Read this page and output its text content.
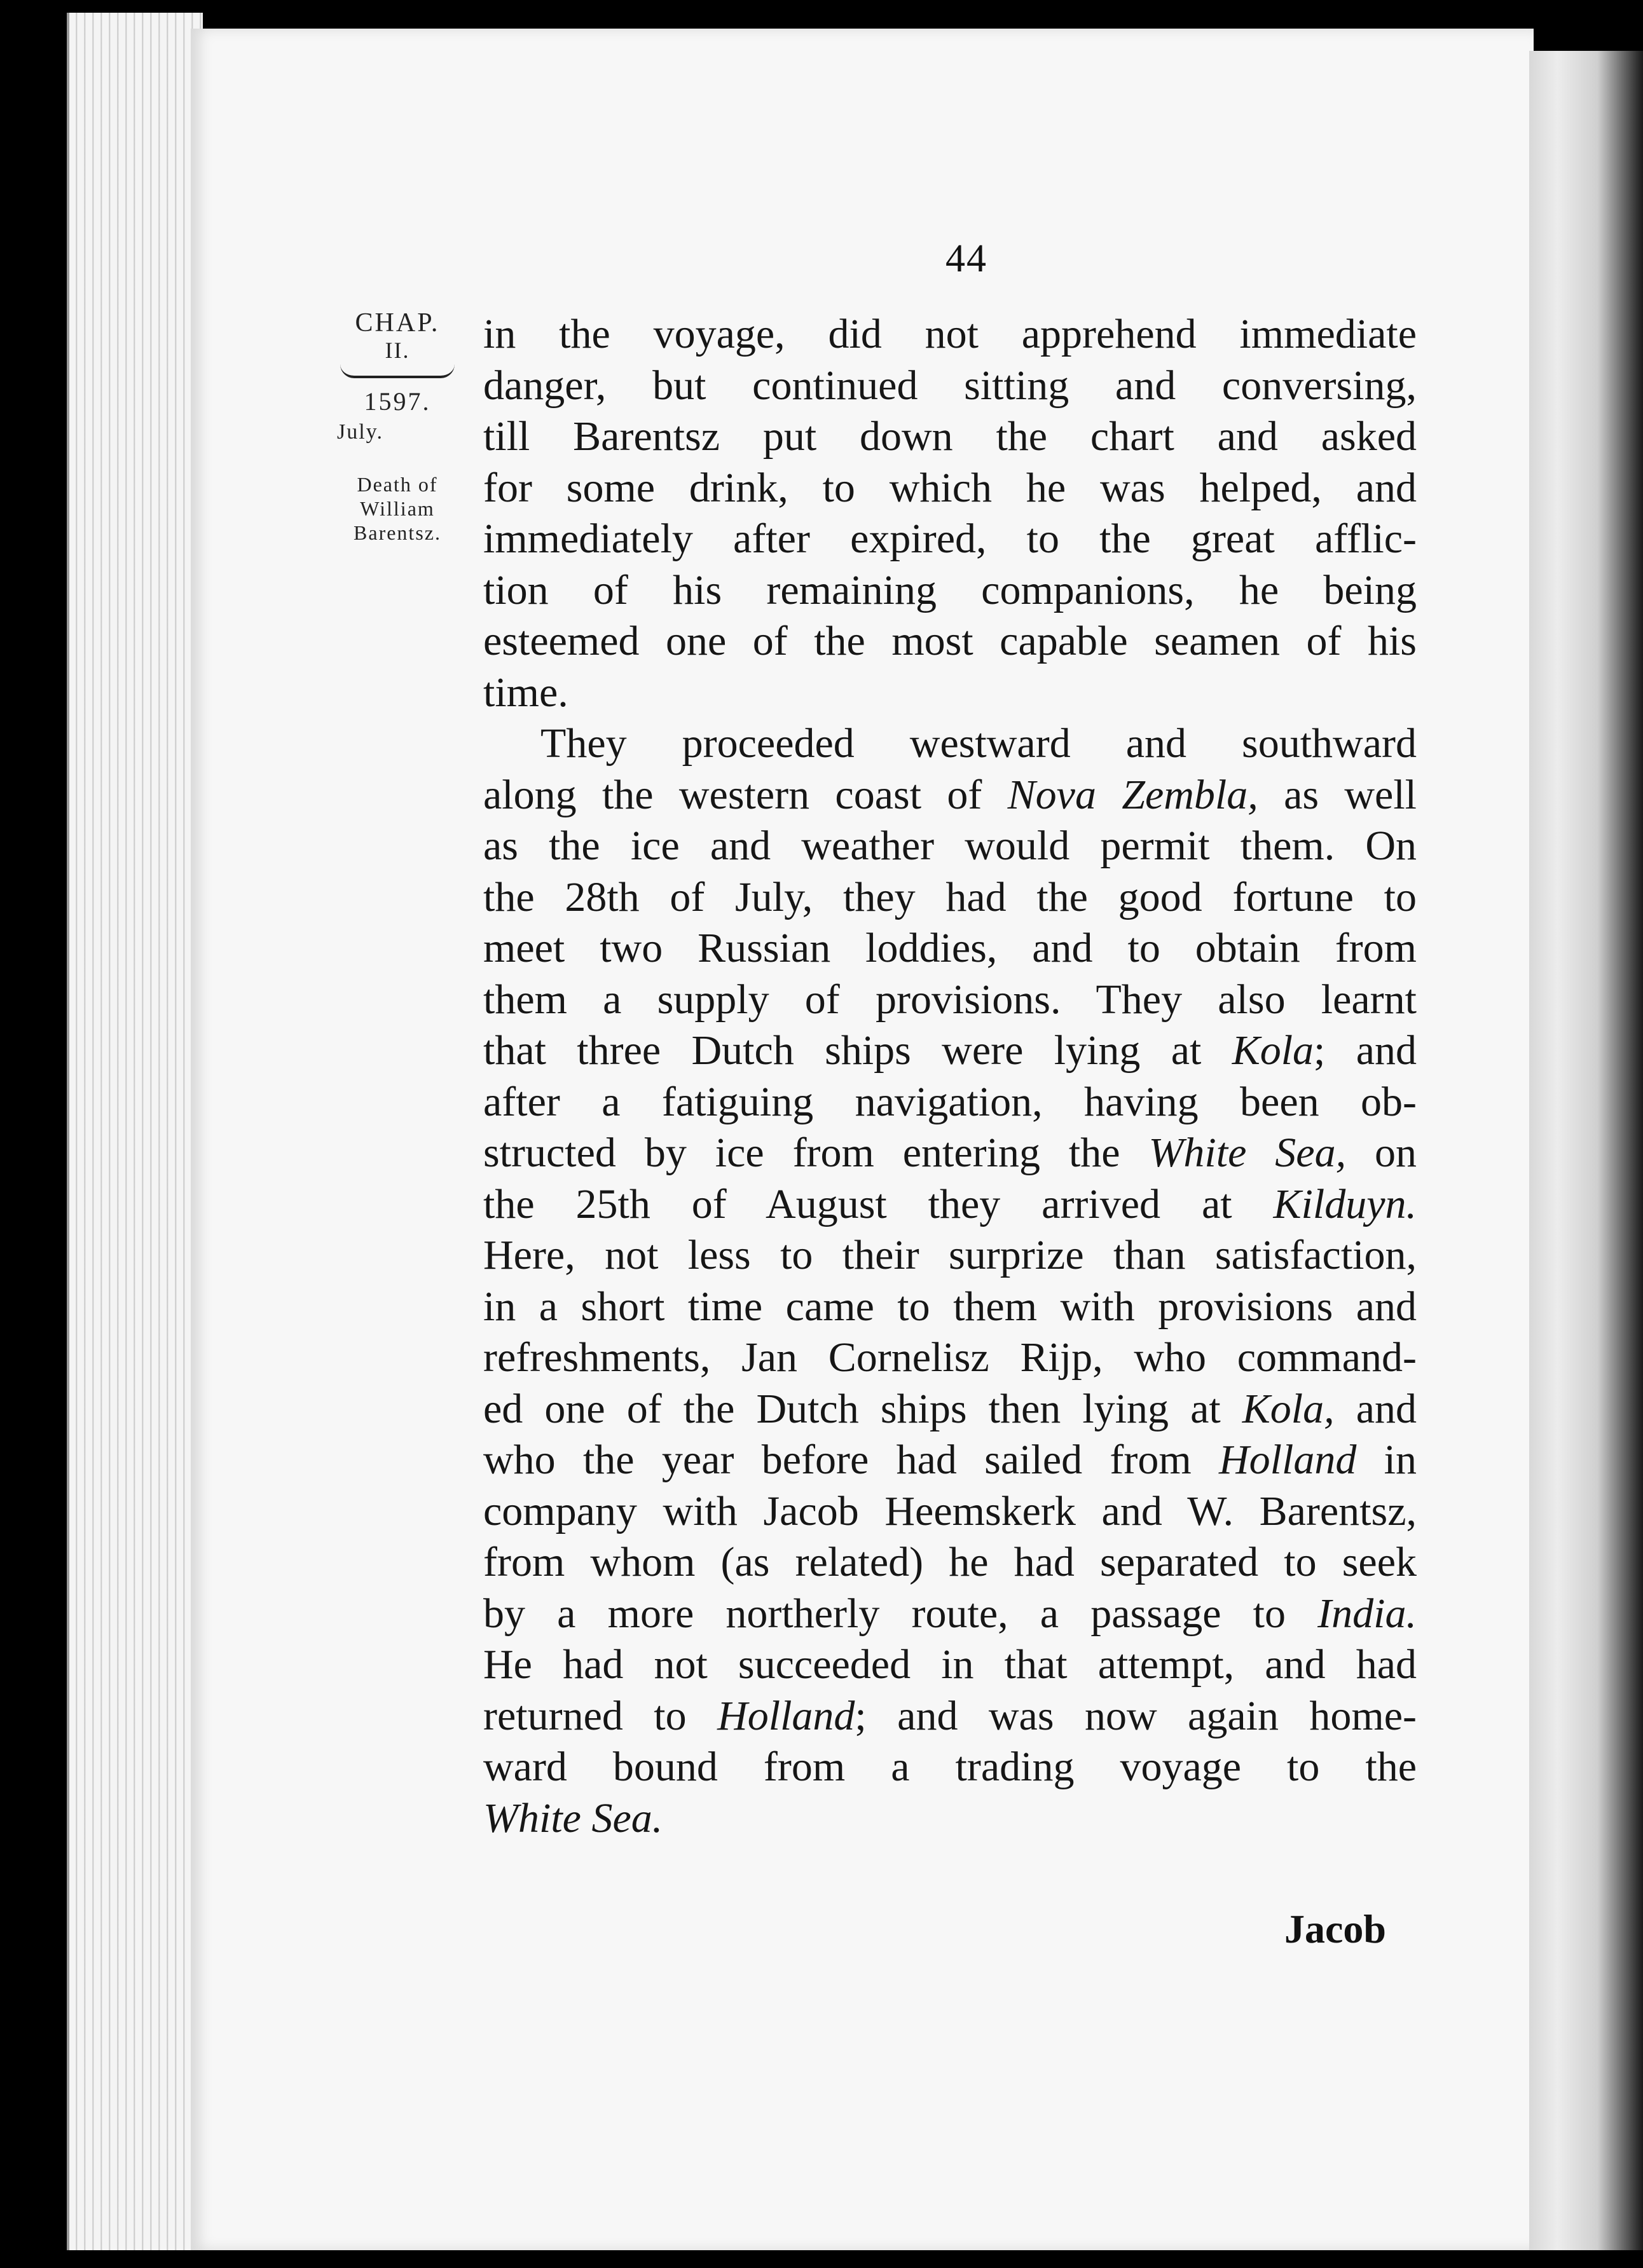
44
CHAP.
II.
1597.
July.
Death of
William
Barentsz.
in the voyage, did not apprehend immediate
danger, but continued sitting and conversing,
till Barentsz put down the chart and asked
for some drink, to which he was helped, and
immediately after expired, to the great afflic-
tion of his remaining companions, he being
esteemed one of the most capable seamen of his
time.
They proceeded westward and southward
along the western coast of Nova Zembla, as well
as the ice and weather would permit them. On
the 28th of July, they had the good fortune to
meet two Russian loddies, and to obtain from
them a supply of provisions. They also learnt
that three Dutch ships were lying at Kola; and
after a fatiguing navigation, having been ob-
structed by ice from entering the White Sea, on
the 25th of August they arrived at Kilduyn.
Here, not less to their surprize than satisfaction,
in a short time came to them with provisions and
refreshments, Jan Cornelisz Rijp, who command-
ed one of the Dutch ships then lying at Kola, and
who the year before had sailed from Holland in
company with Jacob Heemskerk and W. Barentsz,
from whom (as related) he had separated to seek
by a more northerly route, a passage to India.
He had not succeeded in that attempt, and had
returned to Holland; and was now again home-
ward bound from a trading voyage to the
White Sea.
Jacob
